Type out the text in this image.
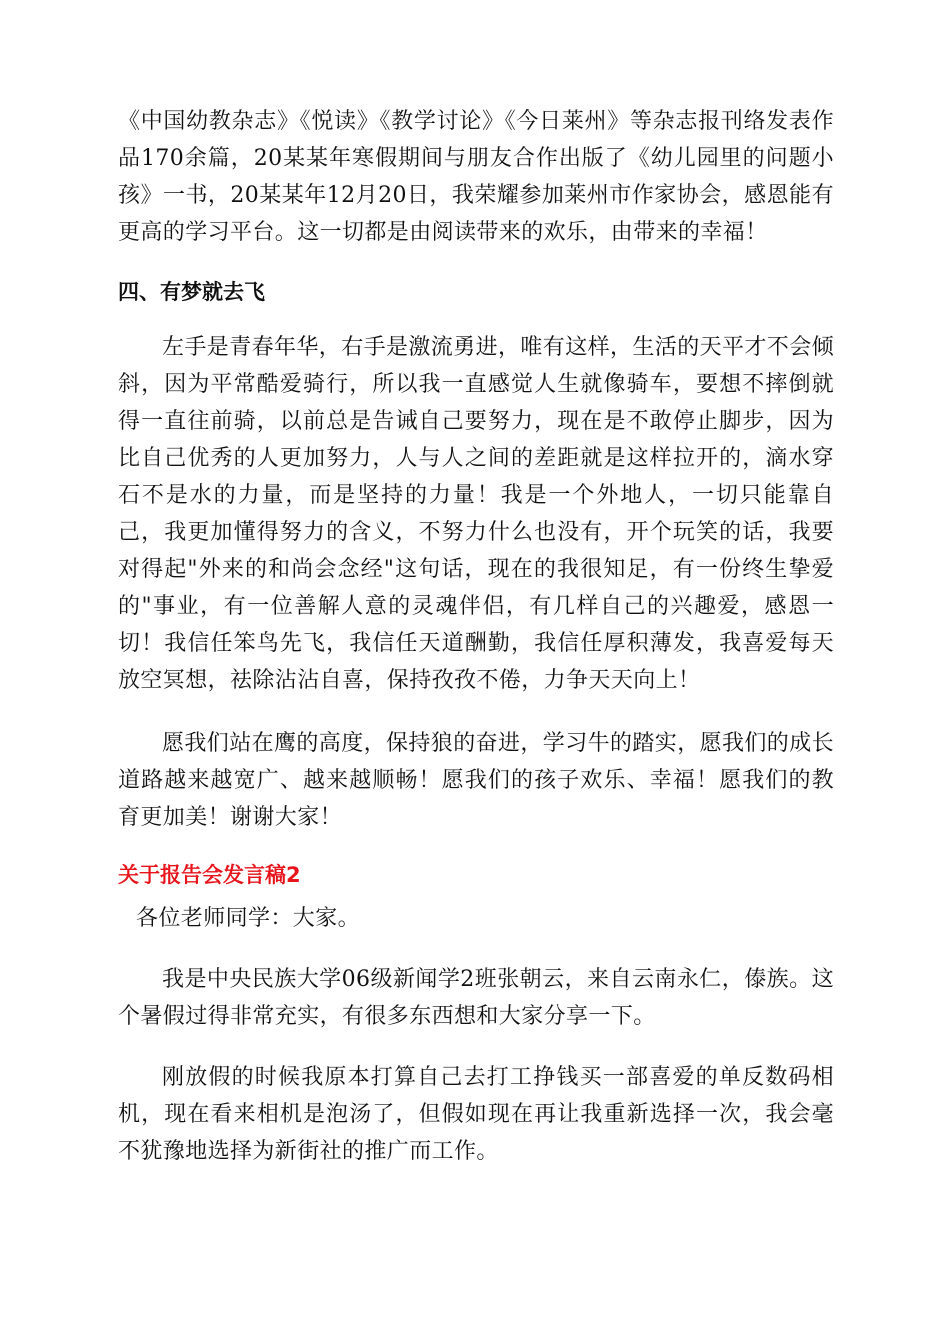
《中国幼教杂志》《悦读》《教学讨论》《今日莱州》等杂志报刊络发表作品170余篇，20某某年寒假期间与朋友合作出版了《幼儿园里的问题小孩》一书，20某某年12月20日，我荣耀参加莱州市作家协会，感恩能有更高的学习平台。这一切都是由阅读带来的欢乐，由带来的幸福！

四、有梦就去飞

左手是青春年华，右手是激流勇进，唯有这样，生活的天平才不会倾斜，因为平常酷爱骑行，所以我一直感觉人生就像骑车，要想不摔倒就得一直往前骑，以前总是告诫自己要努力，现在是不敢停止脚步，因为比自己优秀的人更加努力，人与人之间的差距就是这样拉开的，滴水穿石不是水的力量，而是坚持的力量！我是一个外地人，一切只能靠自己，我更加懂得努力的含义，不努力什么也没有，开个玩笑的话，我要对得起"外来的和尚会念经"这句话，现在的我很知足，有一份终生挚爱的"事业，有一位善解人意的灵魂伴侣，有几样自己的兴趣爱，感恩一切！我信任笨鸟先飞，我信任天道酬勤，我信任厚积薄发，我喜爱每天放空冥想，祛除沾沾自喜，保持孜孜不倦，力争天天向上！

愿我们站在鹰的高度，保持狼的奋进，学习牛的踏实，愿我们的成长道路越来越宽广、越来越顺畅！愿我们的孩子欢乐、幸福！愿我们的教育更加美！谢谢大家！

关于报告会发言稿2

各位老师同学：大家。

我是中央民族大学06级新闻学2班张朝云，来自云南永仁，傣族。这个暑假过得非常充实，有很多东西想和大家分享一下。

刚放假的时候我原本打算自己去打工挣钱买一部喜爱的单反数码相机，现在看来相机是泡汤了，但假如现在再让我重新选择一次，我会毫不犹豫地选择为新街社的推广而工作。
